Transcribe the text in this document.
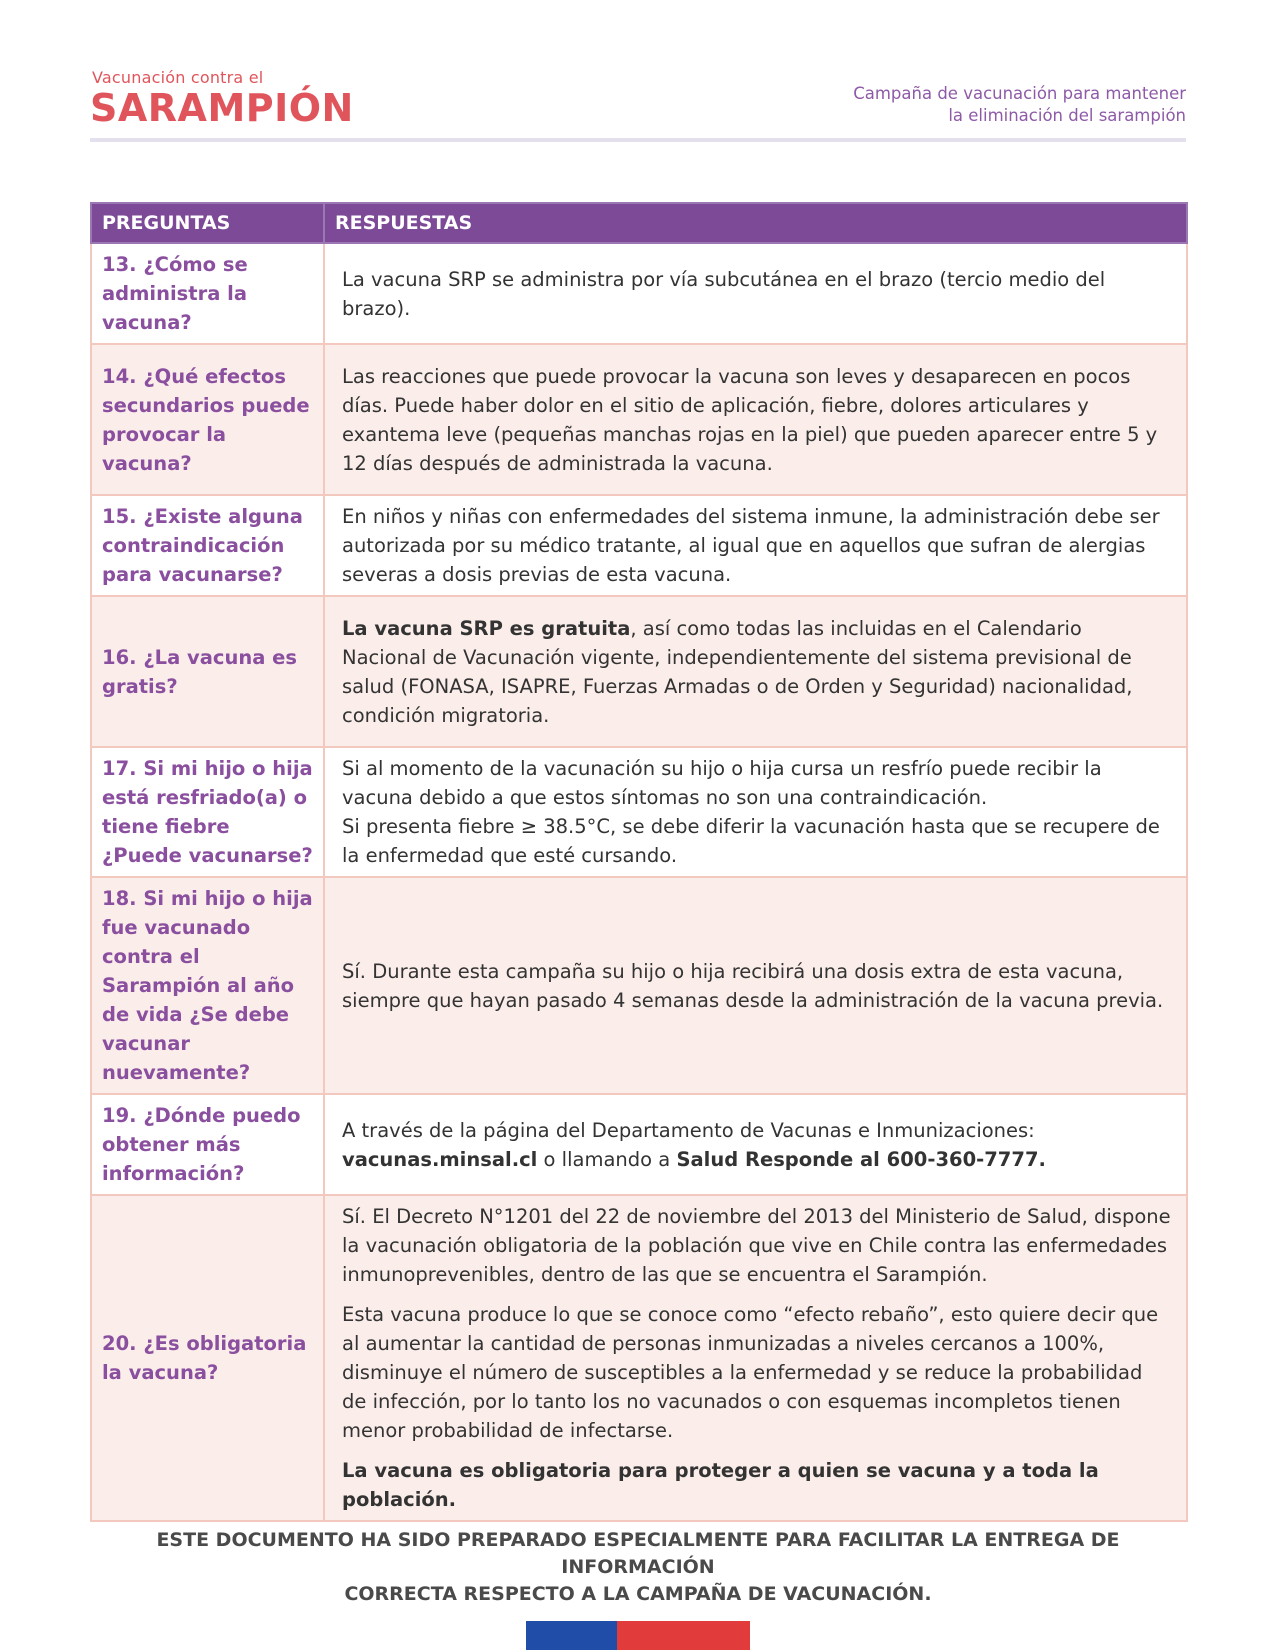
Vacunación contra el
SARAMPIÓN	Campaña de vacunación para mantener
la eliminación del sarampión
PREGUNTAS	RESPUESTAS
13. ¿Cómo se administra la vacuna?	La vacuna SRP se administra por vía subcutánea en el brazo (tercio medio del brazo).
14. ¿Qué efectos secundarios puede provocar la vacuna?	Las reacciones que puede provocar la vacuna son leves y desaparecen en pocos días. Puede haber dolor en el sitio de aplicación, fiebre, dolores articulares y exantema leve (pequeñas manchas rojas en la piel) que pueden aparecer entre 5 y 12 días después de administrada la vacuna.
15. ¿Existe alguna contraindicación para vacunarse?	En niños y niñas con enfermedades del sistema inmune, la administración debe ser autorizada por su médico tratante, al igual que en aquellos que sufran de alergias severas a dosis previas de esta vacuna.
16. ¿La vacuna es gratis?	La vacuna SRP es gratuita, así como todas las incluidas en el Calendario Nacional de Vacunación vigente, independientemente del sistema previsional de salud (FONASA, ISAPRE, Fuerzas Armadas o de Orden y Seguridad) nacionalidad, condición migratoria.
17. Si mi hijo o hija está resfriado(a) o tiene fiebre ¿Puede vacunarse?	Si al momento de la vacunación su hijo o hija cursa un resfrío puede recibir la vacuna debido a que estos síntomas no son una contraindicación.
Si presenta fiebre ≥ 38.5°C, se debe diferir la vacunación hasta que se recupere de la enfermedad que esté cursando.

18. Si mi hijo o hija fue vacunado contra el Sarampión al año de vida ¿Se debe vacunar nuevamente?	Sí. Durante esta campaña su hijo o hija recibirá una dosis extra de esta vacuna, siempre que hayan pasado 4 semanas desde la administración de la vacuna previa.
19. ¿Dónde puedo obtener más información?	A través de la página del Departamento de Vacunas e Inmunizaciones:
vacunas.minsal.cl o llamando a Salud Responde al 600-360-7777.

20. ¿Es obligatoria la vacuna?	Sí. El Decreto N°1201 del 22 de noviembre del 2013 del Ministerio de Salud, dispone la vacunación obligatoria de la población que vive en Chile contra las enfermedades inmunoprevenibles, dentro de las que se encuentra el Sarampión.

Esta vacuna produce lo que se conoce como “efecto rebaño”, esto quiere decir que al aumentar la cantidad de personas inmunizadas a niveles cercanos a 100%, disminuye el número de susceptibles a la enfermedad y se reduce la probabilidad de infección, por lo tanto los no vacunados o con esquemas incompletos tienen menor probabilidad de infectarse.

La vacuna es obligatoria para proteger a quien se vacuna y a toda la población.

ESTE DOCUMENTO HA SIDO PREPARADO ESPECIALMENTE PARA FACILITAR LA ENTREGA DE INFORMACIÓN
CORRECTA RESPECTO A LA CAMPAÑA DE VACUNACIÓN.
